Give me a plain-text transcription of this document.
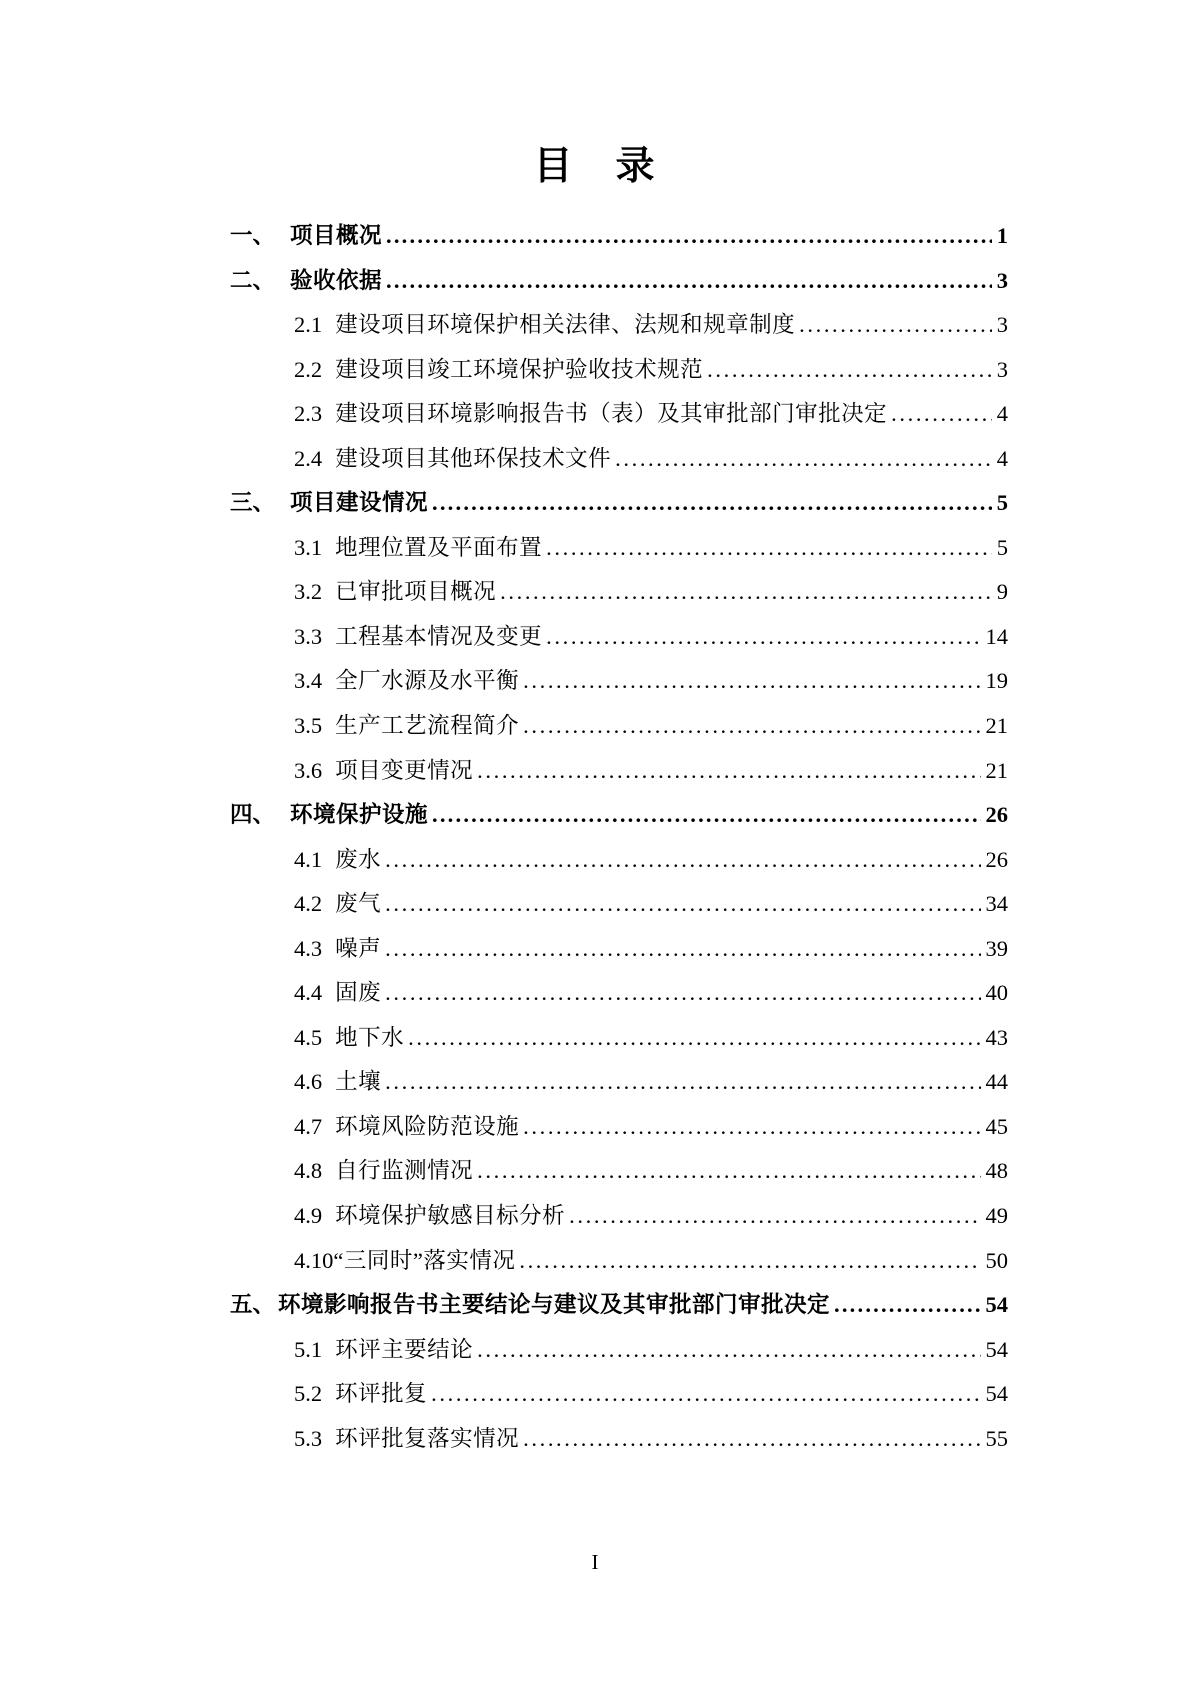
目　录
一、 项目概况 .....	1
二、 验收依据 .....	3
2.1 建设项目环境保护相关法律、法规和规章制度 .....	3
2.2 建设项目竣工环境保护验收技术规范 .....	3
2.3 建设项目环境影响报告书（表）及其审批部门审批决定 .....	4
2.4 建设项目其他环保技术文件 .....	4
三、 项目建设情况 .....	5
3.1 地理位置及平面布置 .....	5
3.2 已审批项目概况 .....	9
3.3 工程基本情况及变更 .....	14
3.4 全厂水源及水平衡 .....	19
3.5 生产工艺流程简介 .....	21
3.6 项目变更情况 .....	21
四、 环境保护设施 .....	26
4.1 废水 .....	26
4.2 废气 .....	34
4.3 噪声 .....	39
4.4 固废 .....	40
4.5 地下水 .....	43
4.6 土壤 .....	44
4.7 环境风险防范设施 .....	45
4.8 自行监测情况 .....	48
4.9 环境保护敏感目标分析 .....	49
4.10 “三同时”落实情况 .....	50
五、 环境影响报告书主要结论与建议及其审批部门审批决定 .....	54
5.1 环评主要结论 .....	54
5.2 环评批复 .....	54
5.3 环评批复落实情况 .....	55
I
